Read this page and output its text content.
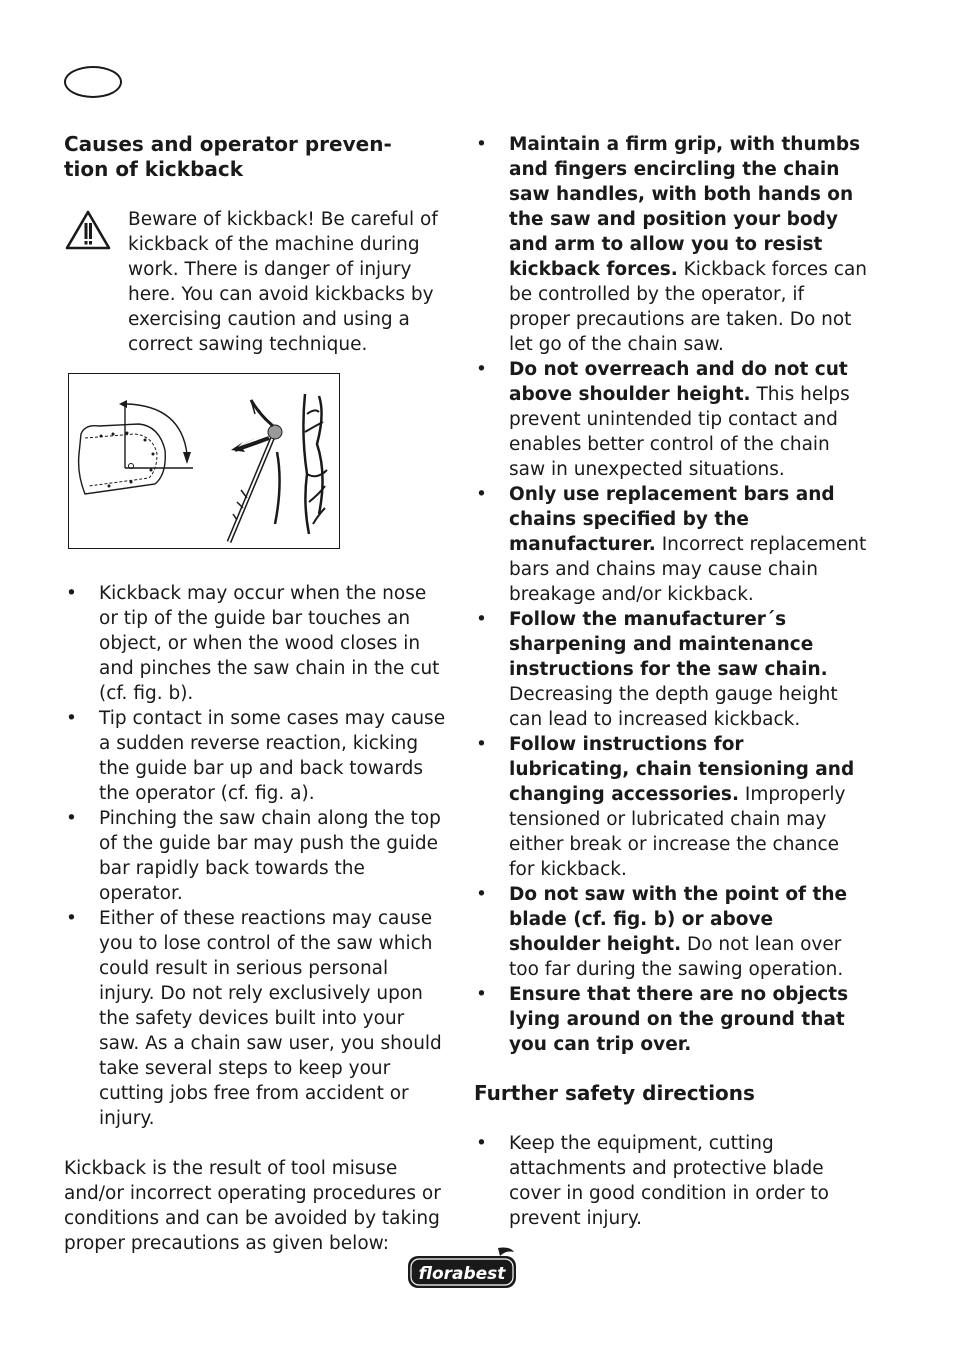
Causes and operator preven-
tion of kickback
Beware of kickback! Be careful of kickback of the machine during work. There is danger of injury here. You can avoid kickbacks by exercising caution and using a correct sawing technique.
• Kickback may occur when the nose or tip of the guide bar touches an object, or when the wood closes in and pinches the saw chain in the cut (cf. fig. b).
• Tip contact in some cases may cause a sudden reverse reaction, kicking the guide bar up and back towards the operator (cf. fig. a).
• Pinching the saw chain along the top of the guide bar may push the guide bar rapidly back towards the operator.
• Either of these reactions may cause you to lose control of the saw which could result in serious personal injury. Do not rely exclusively upon the safety devices built into your saw. As a chain saw user, you should take several steps to keep your cutting jobs free from accident or injury.
Kickback is the result of tool misuse and/or incorrect operating procedures or conditions and can be avoided by taking proper precautions as given below:
• Maintain a firm grip, with thumbs and fingers encircling the chain saw handles, with both hands on the saw and position your body and arm to allow you to resist kickback forces. Kickback forces can be controlled by the operator, if proper precautions are taken. Do not let go of the chain saw.
• Do not overreach and do not cut above shoulder height. This helps prevent unintended tip contact and enables better control of the chain saw in unexpected situations.
• Only use replacement bars and chains specified by the manufacturer. Incorrect replacement bars and chains may cause chain breakage and/or kickback.
• Follow the manufacturer´s sharpening and maintenance instructions for the saw chain. Decreasing the depth gauge height can lead to increased kickback.
• Follow instructions for lubricating, chain tensioning and changing accessories. Improperly tensioned or lubricated chain may either break or increase the chance for kickback.
• Do not saw with the point of the blade (cf. fig. b) or above shoulder height. Do not lean over too far during the sawing operation.
• Ensure that there are no objects lying around on the ground that you can trip over.
Further safety directions
• Keep the equipment, cutting attachments and protective blade cover in good condition in order to prevent injury.
florabest
